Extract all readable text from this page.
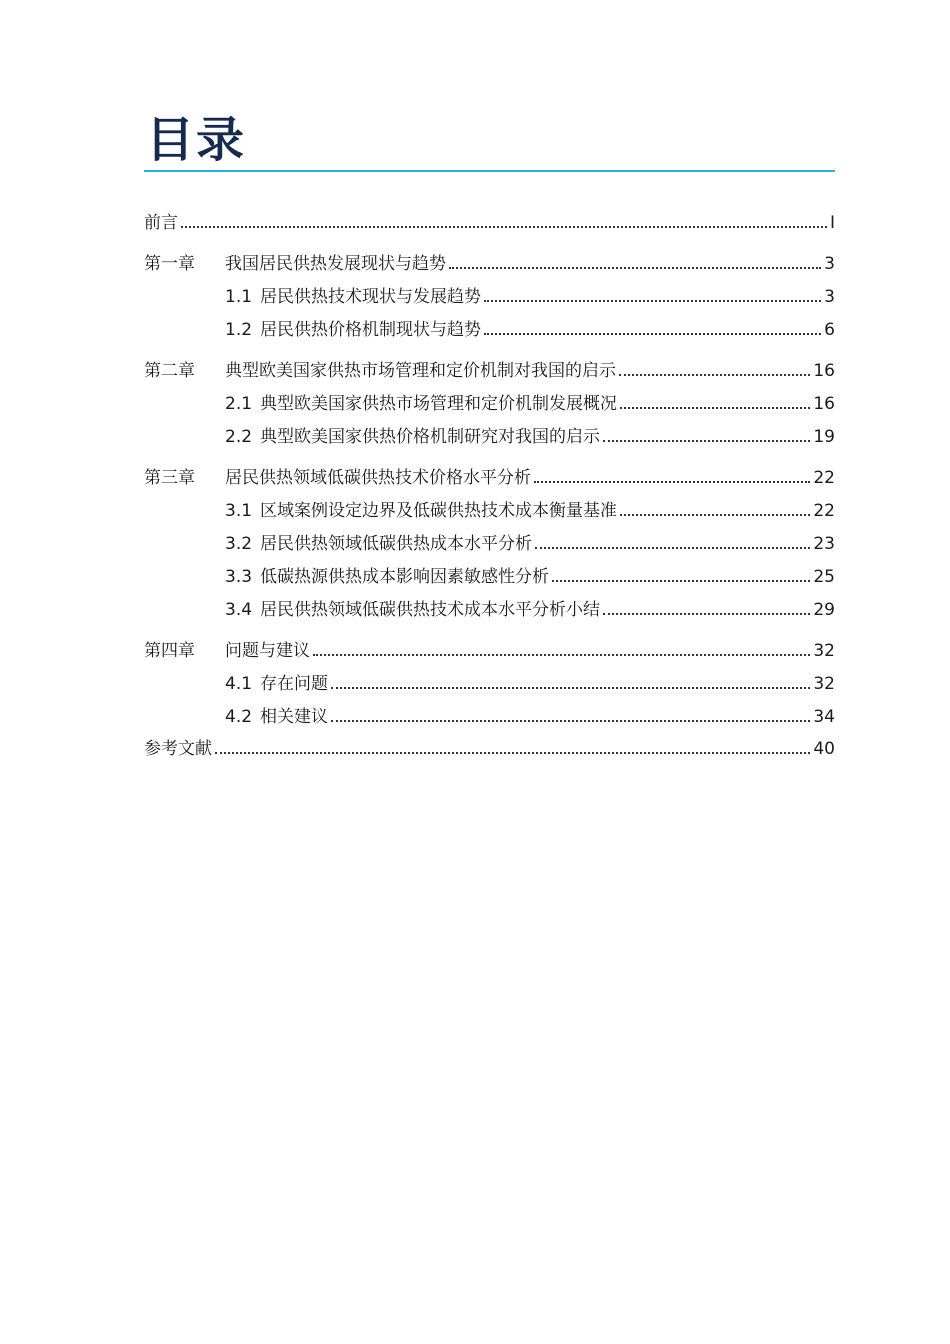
目录
前言	I
第一章	我国居民供热发展现状与趋势	3
1.1 居民供热技术现状与发展趋势	3
1.2 居民供热价格机制现状与趋势	6
第二章	典型欧美国家供热市场管理和定价机制对我国的启示	16
2.1 典型欧美国家供热市场管理和定价机制发展概况	16
2.2 典型欧美国家供热价格机制研究对我国的启示	19
第三章	居民供热领域低碳供热技术价格水平分析	22
3.1 区域案例设定边界及低碳供热技术成本衡量基准	22
3.2 居民供热领域低碳供热成本水平分析	23
3.3 低碳热源供热成本影响因素敏感性分析	25
3.4 居民供热领域低碳供热技术成本水平分析小结	29
第四章	问题与建议	32
4.1 存在问题	32
4.2 相关建议	34
参考文献	40
